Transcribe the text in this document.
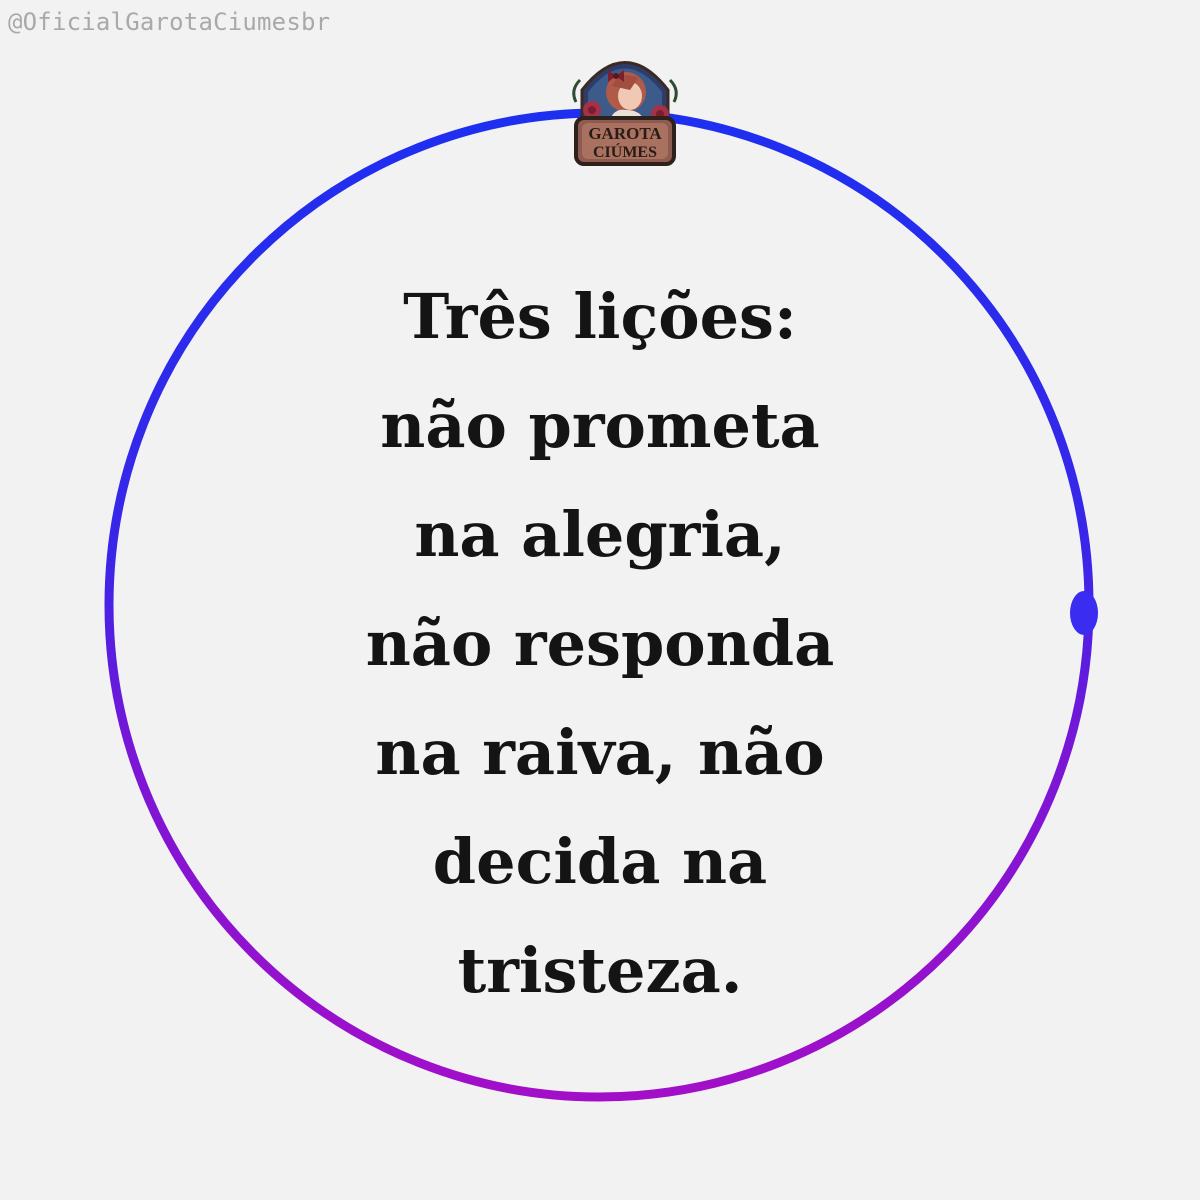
@OficialGarotaCiumesbr
GAROTA
CIÚMES

Três lições:
não prometa
na alegria,
não responda
na raiva, não
decida na
tristeza.
